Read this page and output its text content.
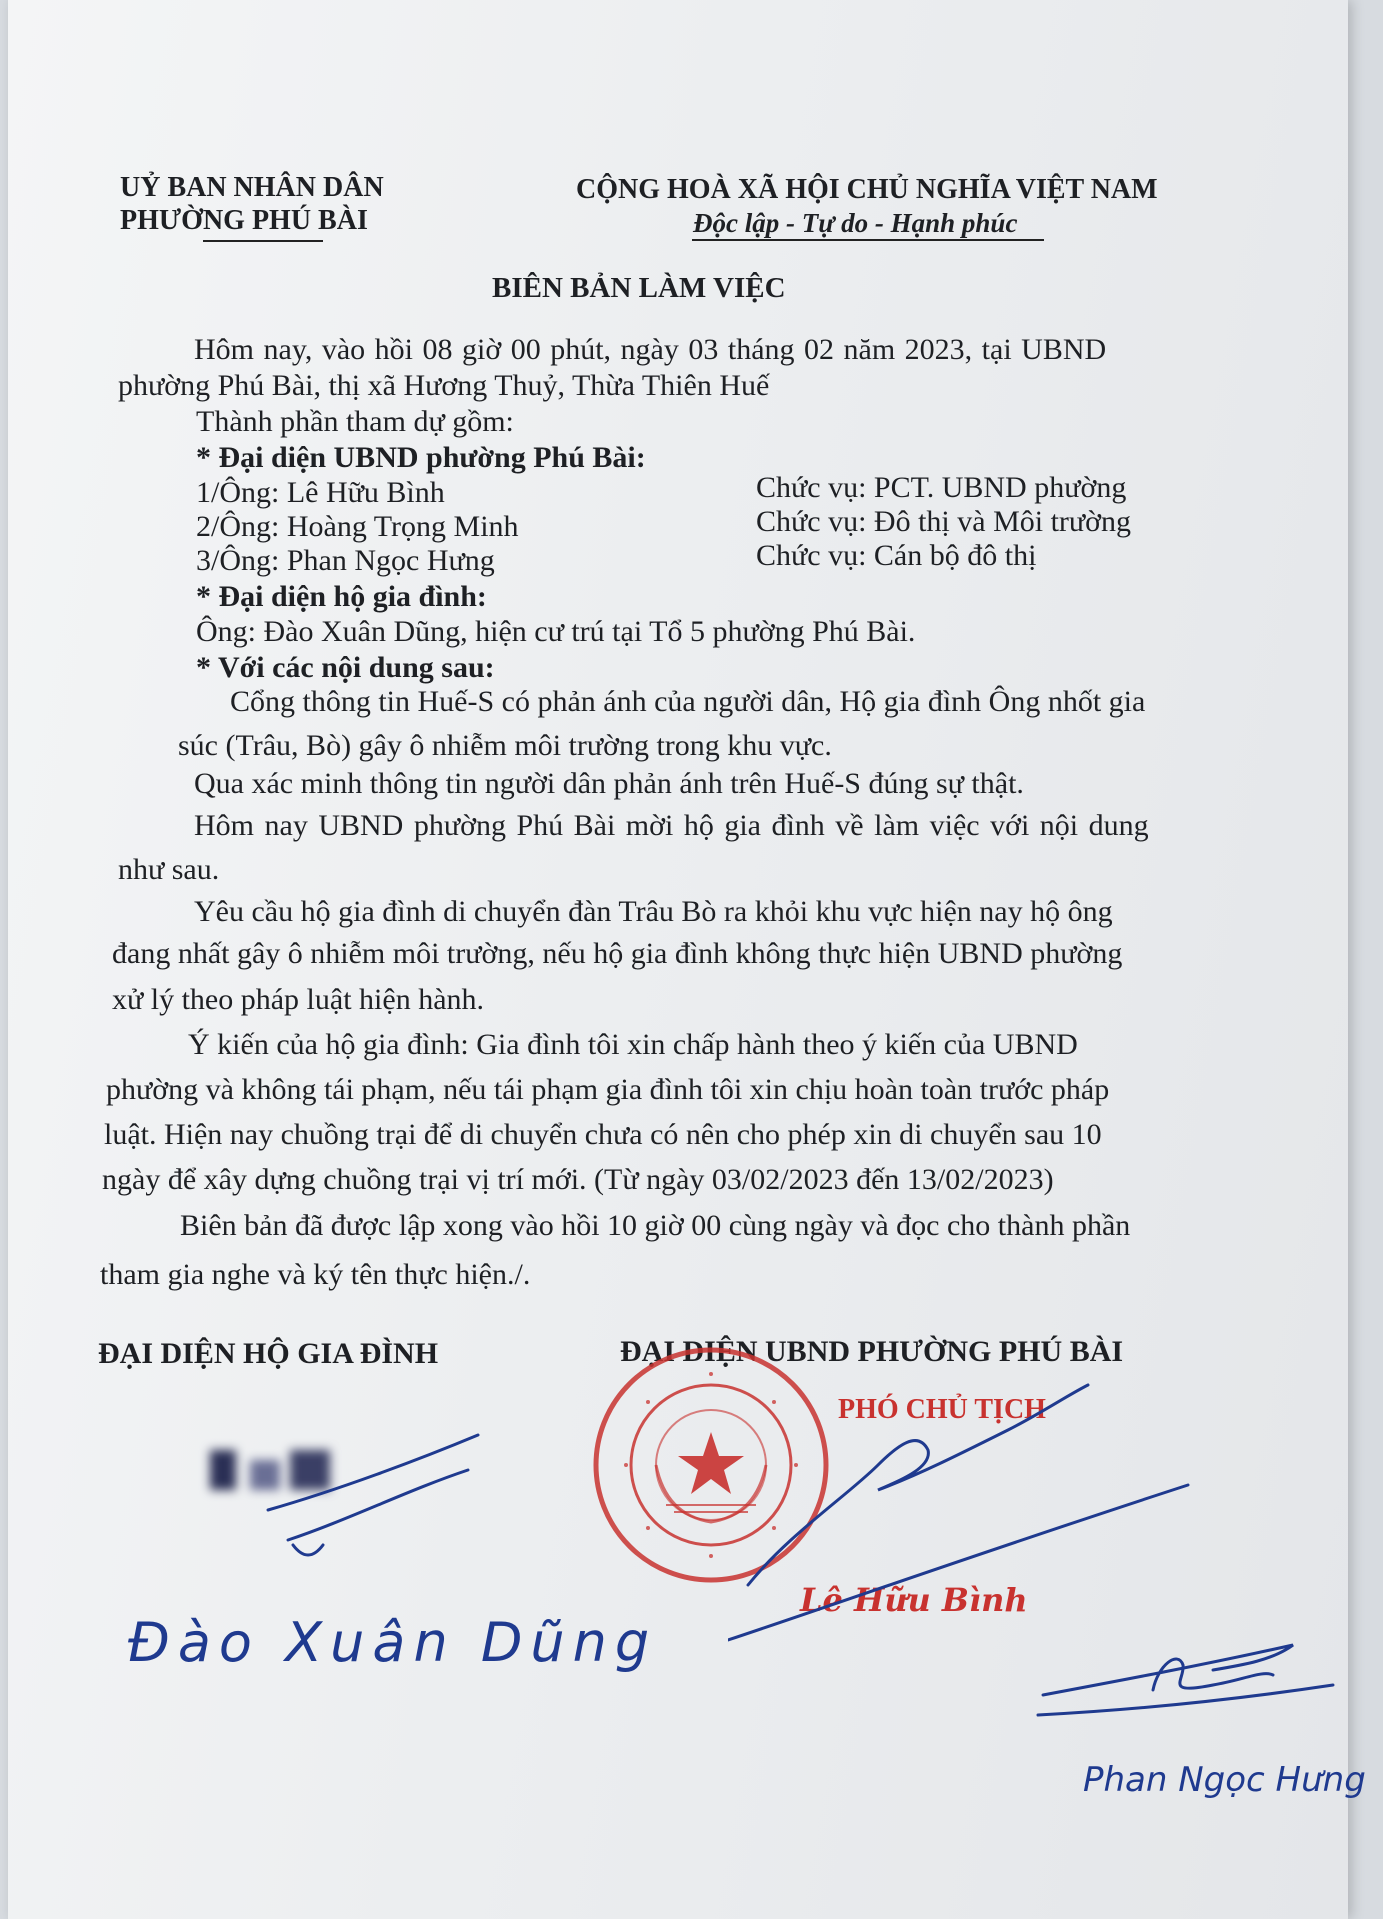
UỶ BAN NHÂN DÂN
PHƯỜNG PHÚ BÀI
CỘNG HOÀ XÃ HỘI CHỦ NGHĨA VIỆT NAM
Độc lập - Tự do - Hạnh phúc
BIÊN BẢN LÀM VIỆC
Hôm nay, vào hồi 08 giờ 00 phút, ngày 03 tháng 02 năm 2023, tại UBND
phường Phú Bài, thị xã Hương Thuỷ, Thừa Thiên Huế
Thành phần tham dự gồm:
* Đại diện UBND phường Phú Bài:
1/Ông: Lê Hữu Bình	Chức vụ: PCT. UBND phường
2/Ông: Hoàng Trọng Minh	Chức vụ: Đô thị và Môi trường
3/Ông: Phan Ngọc Hưng	Chức vụ: Cán bộ đô thị
* Đại diện hộ gia đình:
Ông: Đào Xuân Dũng, hiện cư trú tại Tổ 5 phường Phú Bài.
* Với các nội dung sau:
Cổng thông tin Huế-S có phản ánh của người dân, Hộ gia đình Ông nhốt gia
súc (Trâu, Bò) gây ô nhiễm môi trường trong khu vực.
Qua xác minh thông tin người dân phản ánh trên Huế-S đúng sự thật.
Hôm nay UBND phường Phú Bài mời hộ gia đình về làm việc với nội dung
như sau.
Yêu cầu hộ gia đình di chuyển đàn Trâu Bò ra khỏi khu vực hiện nay hộ ông
đang nhất gây ô nhiễm môi trường, nếu hộ gia đình không thực hiện UBND phường
xử lý theo pháp luật hiện hành.
Ý kiến của hộ gia đình: Gia đình tôi xin chấp hành theo ý kiến của UBND
phường và không tái phạm, nếu tái phạm gia đình tôi xin chịu hoàn toàn trước pháp
luật. Hiện nay chuồng trại để di chuyển chưa có nên cho phép xin di chuyển sau 10
ngày để xây dựng chuồng trại vị trí mới. (Từ ngày 03/02/2023 đến 13/02/2023)
Biên bản đã được lập xong vào hồi 10 giờ 00 cùng ngày và đọc cho thành phần
tham gia nghe và ký tên thực hiện./.
ĐẠI DIỆN HỘ GIA ĐÌNH	ĐẠI DIỆN UBND PHƯỜNG PHÚ BÀI
PHÓ CHỦ TỊCH
Lê Hữu Bình
Đào Xuân Dũng
Phan Ngọc Hưng
